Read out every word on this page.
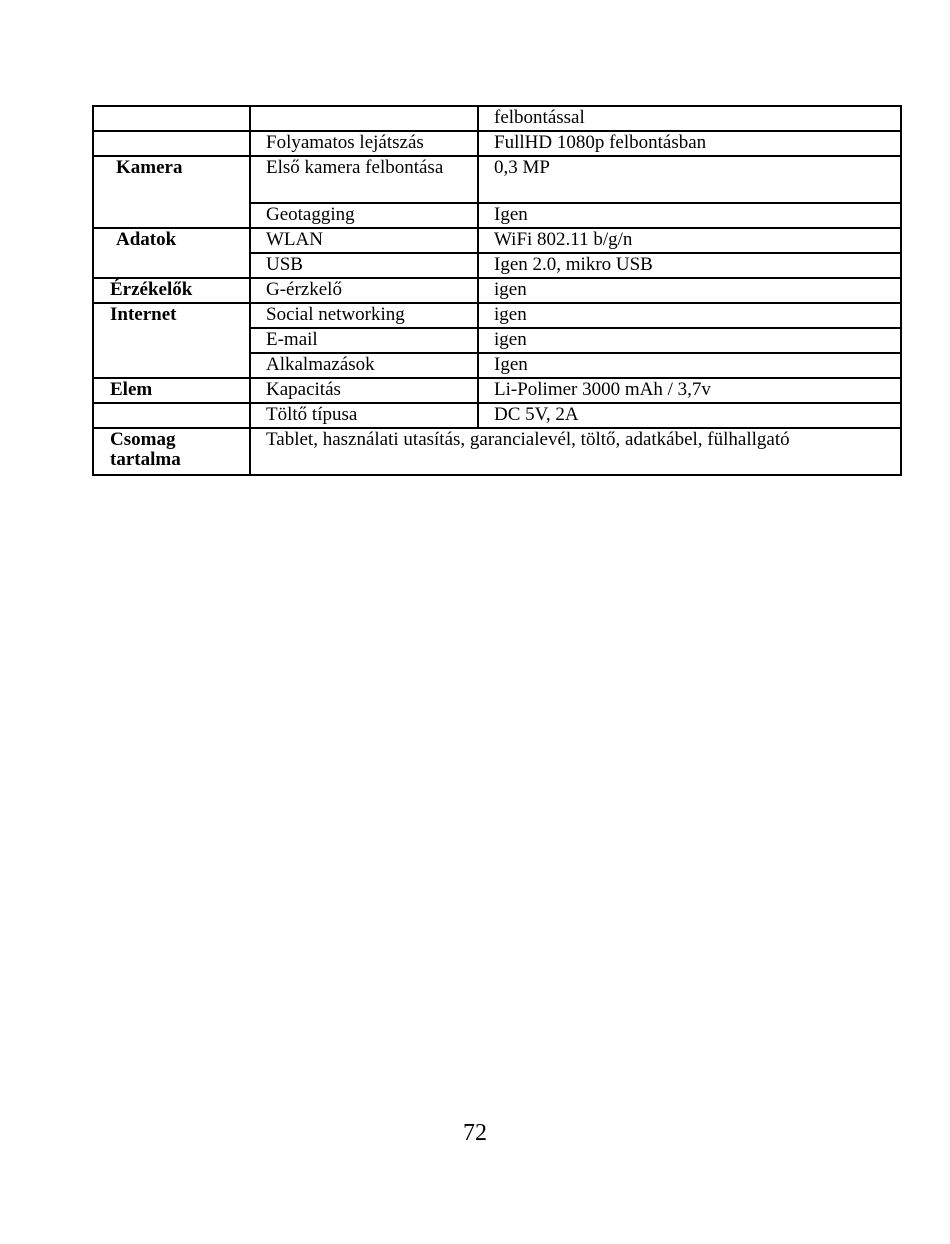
		felbontással
	Folyamatos lejátszás	FullHD 1080p felbontásban
Kamera	Első kamera felbontása	0,3 MP
	Geotagging	Igen
Adatok	WLAN	WiFi 802.11 b/g/n
	USB	Igen 2.0, mikro USB
Érzékelők	G-érzkelő	igen
Internet	Social networking	igen
	E-mail	igen
	Alkalmazások	Igen
Elem	Kapacitás	Li-Polimer 3000 mAh / 3,7v
	Töltő típusa	DC 5V, 2A
Csomag tartalma	Tablet, használati utasítás, garancialevél, töltő, adatkábel, fülhallgató	
72
